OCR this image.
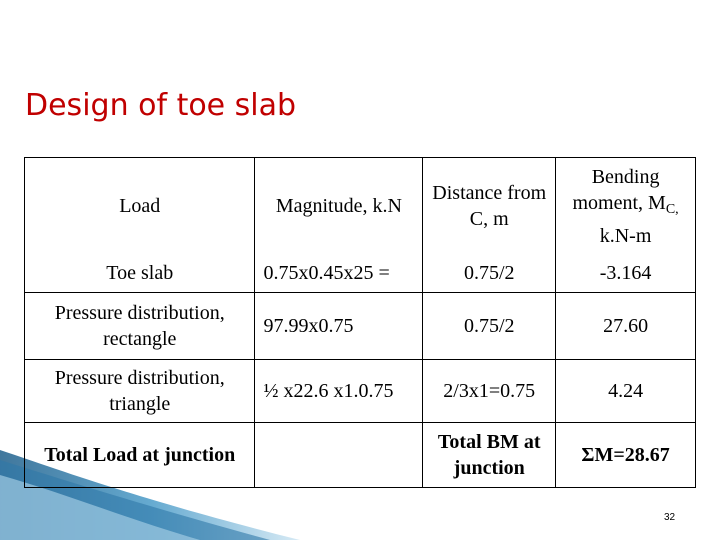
Design of toe slab
Load	Magnitude, k.N	Distance from C, m	Bending moment, $M_{C,}$ k.N-m
Toe slab	0.75x0.45x25 =	0.75/2	-3.164
Pressure distribution, rectangle	97.99x0.75	0.75/2	27.60
Pressure distribution, triangle	½ x22.6 x1.0.75	2/3x1=0.75	4.24
Total Load at junction		Total BM at junction	ΣM=28.67
32
